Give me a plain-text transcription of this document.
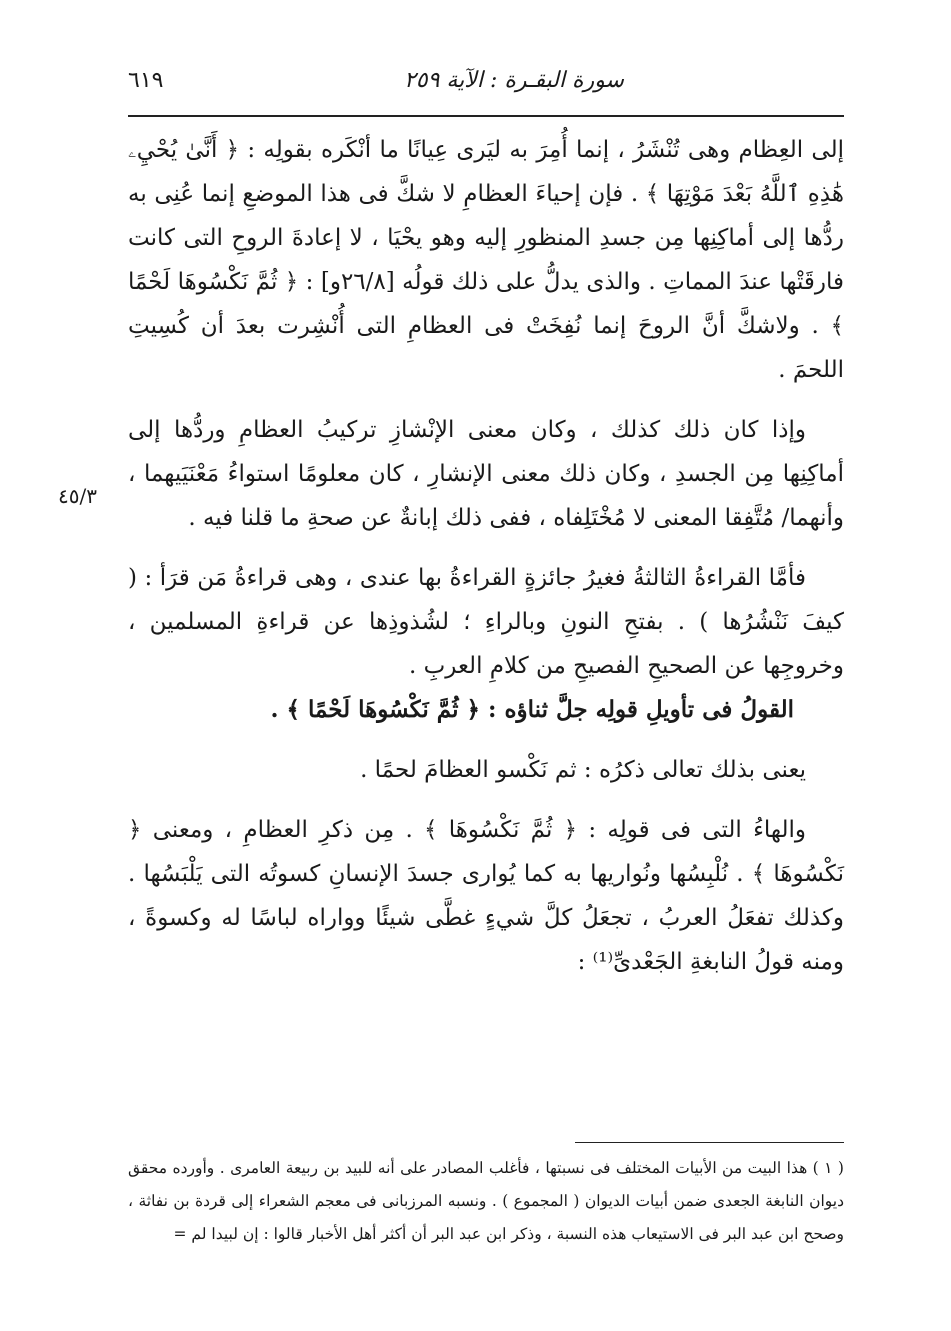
سورة البقـرة : الآية ٢٥٩
٦١٩
٤٥/٣

إلى العِظام وهى تُنْشَرُ ، إنما أُمِرَ به ليَرى عِيانًا ما أنْكَره بقولِه : ﴿ أَنَّىٰ يُحْيِۦ هَٰذِهِ ٱللَّهُ بَعْدَ مَوْتِهَا ﴾ . فإن إحياءَ العظامِ لا شكَّ فى هذا الموضعِ إنما عُنِى به ردُّها إلى أماكِنِها مِن جسدِ المنظورِ إليه وهو يحْيَا ، لا إعادةَ الروحِ التى كانت فارقَتْها عندَ المماتِ . والذى يدلُّ على ذلك قولُه [٢٦/٨و] : ﴿ ثُمَّ نَكْسُوهَا لَحْمًا ﴾ . ولاشكَّ أنَّ الروحَ إنما نُفِخَتْ فى العظامِ التى أُنْشِرت بعدَ أن كُسِيتِ اللحمَ .

وإذا كان ذلك كذلك ، وكان معنى الإنْشازِ تركيبُ العظامِ وردُّها إلى أماكِنِها مِن الجسدِ ، وكان ذلك معنى الإنشارِ ، كان معلومًا استواءُ مَعْنَيَيهما ، وأنهما/ مُتَّفِقا المعنى لا مُخْتَلِفاه ، ففى ذلك إبانةٌ عن صحةِ ما قلنا فيه .

فأمَّا القراءةُ الثالثةُ فغيرُ جائزةٍ القراءةُ بها عندى ، وهى قراءةُ مَن قرَأ : ( كيفَ نَنْشُرُها ) . بفتحِ النونِ وبالراءِ ؛ لشُذوذِها عن قراءةِ المسلمين ، وخروجِها عن الصحيحِ الفصيحِ من كلامِ العربِ .

القولُ فى تأويلِ قولِه جلَّ ثناؤه : ﴿ ثُمَّ نَكْسُوهَا لَحْمًا ﴾ .

يعنى بذلك تعالى ذكرُه : ثم نَكْسو العظامَ لحمًا .

والهاءُ التى فى قولِه : ﴿ ثُمَّ نَكْسُوهَا ﴾ . مِن ذكرِ العظامِ ، ومعنى ﴿ نَكْسُوهَا ﴾ . نُلْبِسُها ونُواريها به كما يُوارى جسدَ الإنسانِ كسوتُه التى يَلْبَسُها . وكذلك تفعَلُ العربُ ، تجعَلُ كلَّ شيءٍ غطَّى شيئًا وواراه لباسًا له وكسوةً ، ومنه قولُ النابغةِ الجَعْدىِّ⁽¹⁾ :

( ١ ) هذا البيت من الأبيات المختلف فى نسبتها ، فأغلب المصادر على أنه للبيد بن ربيعة العامرى . وأورده محقق ديوان النابغة الجعدى ضمن أبيات الديوان ( المجموع ) . ونسبه المرزبانى فى معجم الشعراء إلى قردة بن نفاثة ، وصحح ابن عبد البر فى الاستيعاب هذه النسبة ، وذكر ابن عبد البر أن أكثر أهل الأخبار قالوا : إن لبيدا لم =
